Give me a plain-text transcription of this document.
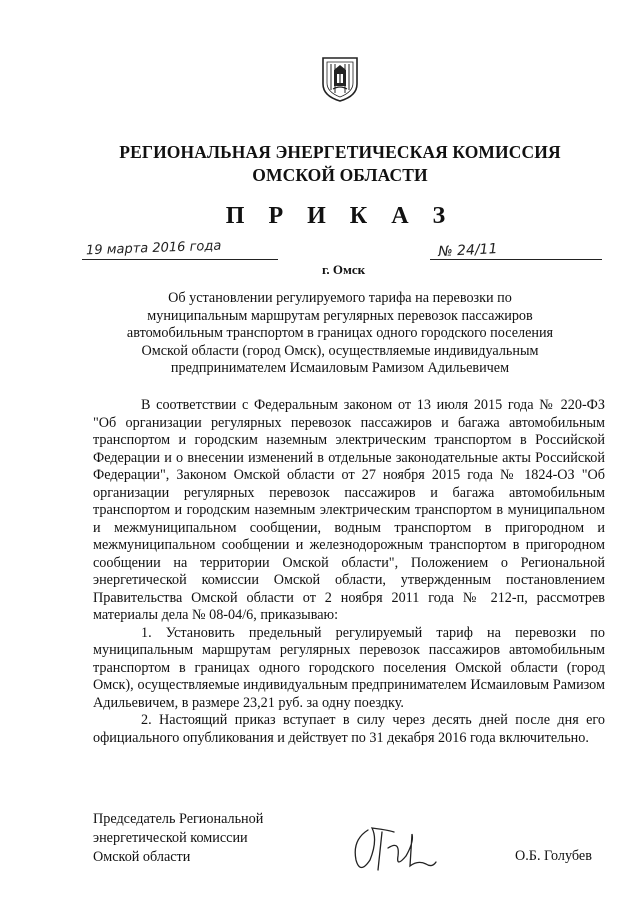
РЕГИОНАЛЬНАЯ ЭНЕРГЕТИЧЕСКАЯ КОМИССИЯ
ОМСКОЙ ОБЛАСТИ
П Р И К А З
19 марта 2016 года	№ 24/11
г. Омск
Об установлении регулируемого тарифа на перевозки по
муниципальным маршрутам регулярных перевозок пассажиров
автомобильным транспортом в границах одного городского поселения
Омской области (город Омск), осуществляемые индивидуальным
предпринимателем Исмаиловым Рамизом Адильевичем

В соответствии с Федеральным законом от 13 июля 2015 года № 220-ФЗ "Об организации регулярных перевозок пассажиров и багажа автомобильным транспортом и городским наземным электрическим транспортом в Российской Федерации и о внесении изменений в отдельные законодательные акты Российской Федерации", Законом Омской области от 27 ноября 2015 года № 1824-ОЗ "Об организации регулярных перевозок пассажиров и багажа автомобильным транспортом и городским наземным электрическим транспортом в муниципальном и межмуниципальном сообщении, водным транспортом в пригородном и межмуниципальном сообщении и железнодорожным транспортом в пригородном сообщении на территории Омской области", Положением о Региональной энергетической комиссии Омской области, утвержденным постановлением Правительства Омской области от 2 ноября 2011 года № 212-п, рассмотрев материалы дела № 08-04/6, приказываю:

1. Установить предельный регулируемый тариф на перевозки по муниципальным маршрутам регулярных перевозок пассажиров автомобильным транспортом в границах одного городского поселения Омской области (город Омск), осуществляемые индивидуальным предпринимателем Исмаиловым Рамизом Адильевичем, в размере 23,21 руб. за одну поездку.

2. Настоящий приказ вступает в силу через десять дней после дня его официального опубликования и действует по 31 декабря 2016 года включительно.

Председатель Региональной
энергетической комиссии
Омской области	О.Б. Голубев
